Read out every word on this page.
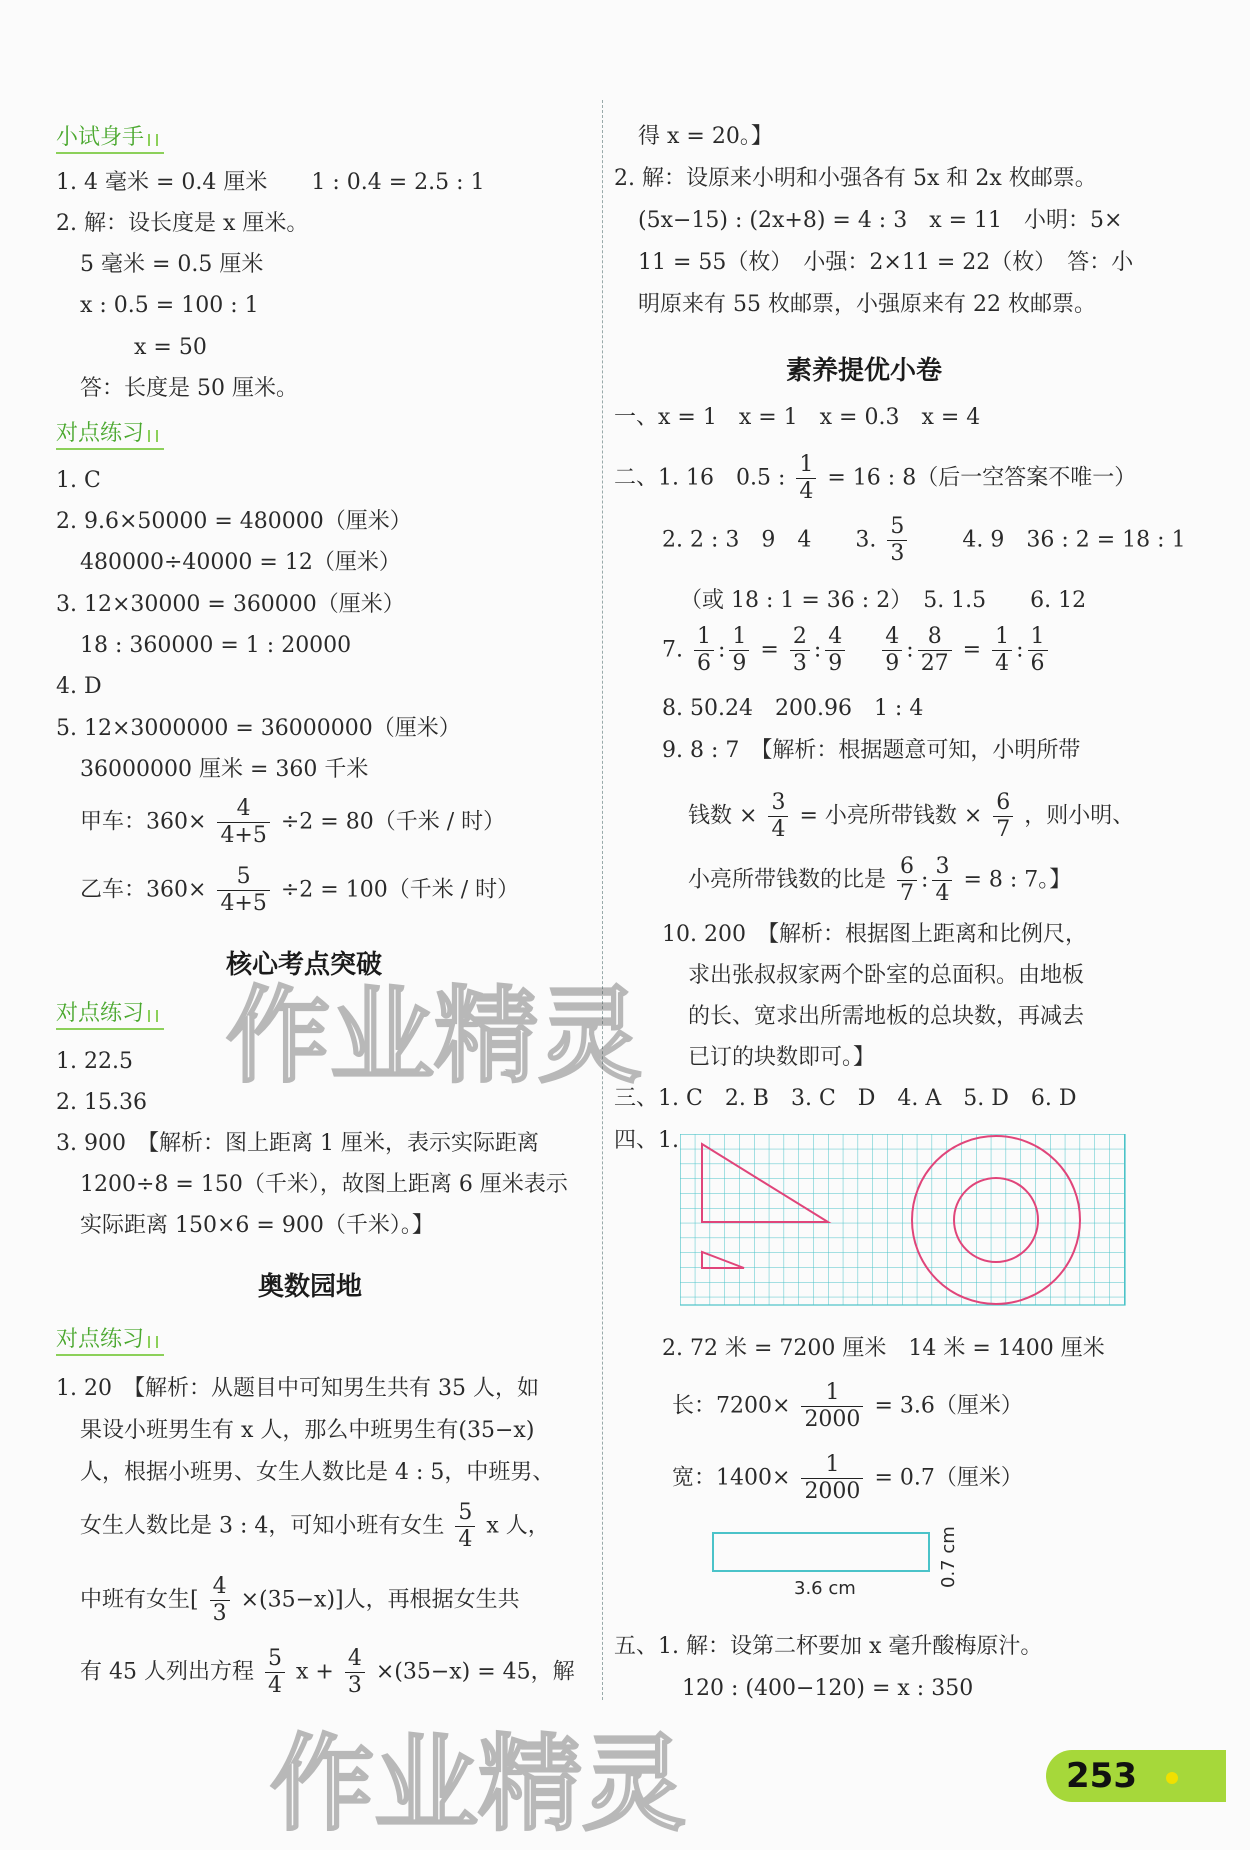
小试身手
1. 4 毫米 = 0.4 厘米　　1 : 0.4 = 2.5 : 1
2. 解：设长度是 x 厘米。
5 毫米 = 0.5 厘米
x : 0.5 = 100 : 1
x = 50
答：长度是 50 厘米。
对点练习
1. C
2. 9.6×50000 = 480000（厘米）
480000÷40000 = 12（厘米）
3. 12×30000 = 360000（厘米）
18 : 360000 = 1 : 20000
4. D
5. 12×3000000 = 36000000（厘米）
36000000 厘米 = 360 千米
甲车：$360\times \frac{4}{4+5} \div 2 = 80$（千米 / 时）
乙车：$360\times \frac{5}{4+5} \div 2 = 100$（千米 / 时）
核心考点突破
对点练习
1. 22.5
2. 15.36
3. 900　【解析：图上距离 1 厘米，表示实际距离
1200÷8 = 150（千米），故图上距离 6 厘米表示
实际距离 150×6 = 900（千米）。】
奥数园地
对点练习
1. 20　【解析：从题目中可知男生共有 35 人，如
果设小班男生有 x 人，那么中班男生有(35−x)
人，根据小班男、女生人数比是 4 : 5，中班男、
女生人数比是 3 : 4，可知小班有女生 $\frac{5}{4}$ x 人，
中班有女生[ $\frac{4}{3} \times(35-x)$]人，再根据女生共
有 45 人列出方程 $\frac{5}{4}$ $x + \frac{4}{3} \times(35-x) = 45$，解
得 x = 20。】
2. 解：设原来小明和小强各有 5x 和 2x 枚邮票。
(5x−15) : (2x+8) = 4 : 3　x = 11　小明：5×
11 = 55（枚）　小强：2×11 = 22（枚）　答：小
明原来有 55 枚邮票，小强原来有 22 枚邮票。
素养提优小卷
一、x = 1　x = 1　x = 0.3　x = 4
二、1. 16　0.5 : $\frac{1}{4} = 16$ : 8（后一空答案不唯一）
2. 2 : 3　9　4　　 3. $\frac{5}{3}$
　　	4. 9　36 : 2 = 18 : 1
（或 18 : 1 = 36 : 2）　5. 1.5　　6. 12
7. $\frac{1}{6}$ : $\frac{1}{9} = \frac{2}{3}$ : $\frac{4}{9}$
　 $\frac{4}{9}$ : $\frac{8}{27} = \frac{1}{4}$ : $\frac{1}{6}$
8. 50.24　200.96　1 : 4
9. 8 : 7　【解析：根据题意可知，小明所带
钱数 × $\frac{3}{4}$ = 小亮所带钱数 × $\frac{6}{7}$ ，则小明、
小亮所带钱数的比是 $\frac{6}{7}$ : $\frac{3}{4} = 8$ : 7。】
10. 200　【解析：根据图上距离和比例尺，
求出张叔叔家两个卧室的总面积。由地板
的长、宽求出所需地板的总块数，再减去
已订的块数即可。】
三、1. C　2. B　3. C　D　4. A　5. D　6. D
四、1.
2. 72 米 = 7200 厘米　14 米 = 1400 厘米
长：$7200\times \frac{1}{2000} = 3.6$（厘米）
宽：$1400\times \frac{1}{2000} = 0.7$（厘米）
3.6 cm
0.7 cm
五、1. 解：设第二杯要加 x 毫升酸梅原汁。
120 : (400−120) = x : 350
作业精灵
作业精灵	253
